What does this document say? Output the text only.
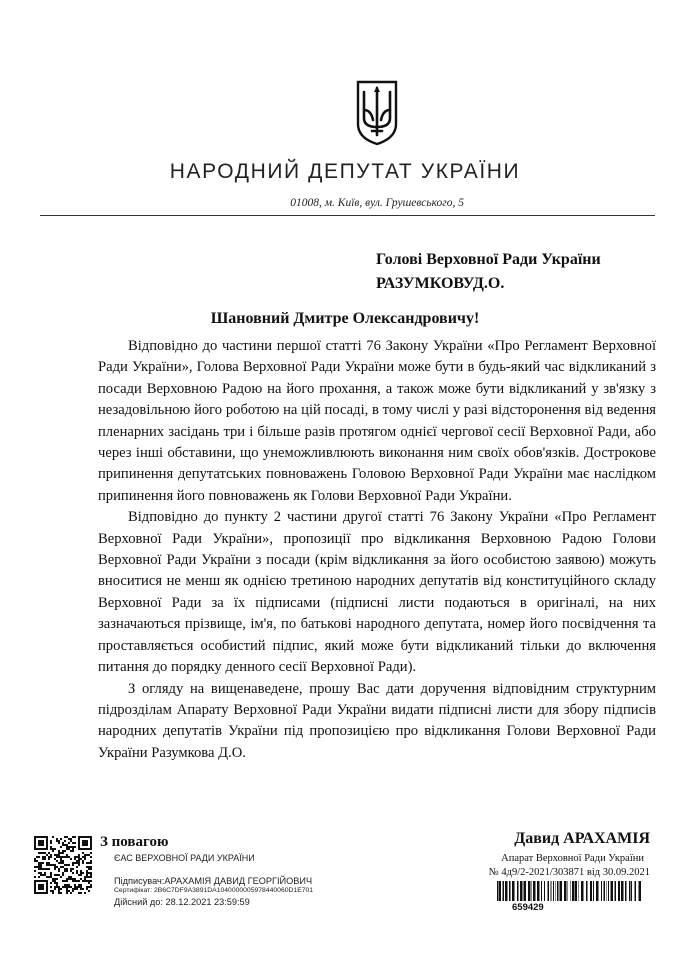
НАРОДНИЙ ДЕПУТАТ УКРАЇНИ
01008, м. Київ, вул. Грушевського, 5
Голові Верховної Ради України
РАЗУМКОВУД.О.
Шановний Дмитре Олександровичу!

Відповідно до частини першої статті 76 Закону України «Про Регламент Верховної Ради України», Голова Верховної Ради України може бути в будь-який час відкликаний з посади Верховною Радою на його прохання, а також може бути відкликаний у зв'язку з незадовільною його роботою на цій посаді, в тому числі у разі відсторонення від ведення пленарних засідань три і більше разів протягом однієї чергової сесії Верховної Ради, або через інші обставини, що унеможливлюють виконання ним своїх обов'язків. Дострокове припинення депутатських повноважень Головою Верховної Ради України має наслідком припинення його повноважень як Голови Верховної Ради України.

Відповідно до пункту 2 частини другої статті 76 Закону України «Про Регламент Верховної Ради України», пропозиції про відкликання Верховною Радою Голови Верховної Ради України з посади (крім відкликання за його особистою заявою) можуть вноситися не менш як однією третиною народних депутатів від конституційного складу Верховної Ради за їх підписами (підписні листи подаються в оригіналі, на них зазначаються прізвище, ім'я, по батькові народного депутата, номер його посвідчення та проставляється особистий підпис, який може бути відкликаний тільки до включення питання до порядку денного сесії Верховної Ради).

З огляду на вищенаведене, прошу Вас дати доручення відповідним структурним підрозділам Апарату Верховної Ради України видати підписні листи для збору підписів народних депутатів України під пропозицією про відкликання Голови Верховної Ради України Разумкова Д.О.

З повагою
ЄАС ВЕРХОВНОЇ РАДИ УКРАЇНИ
Підписувач:АРАХАМІЯ ДАВИД ГЕОРГІЙОВИЧ
Сертифікат: 2B6C7DF9A3891DA1040000005978440060D1E701
Дійсний до: 28.12.2021 23:59:59
Давид АРАХАМІЯ
Апарат Верховної Ради України
№ 4д9/2-2021/303871 від 30.09.2021
659429
